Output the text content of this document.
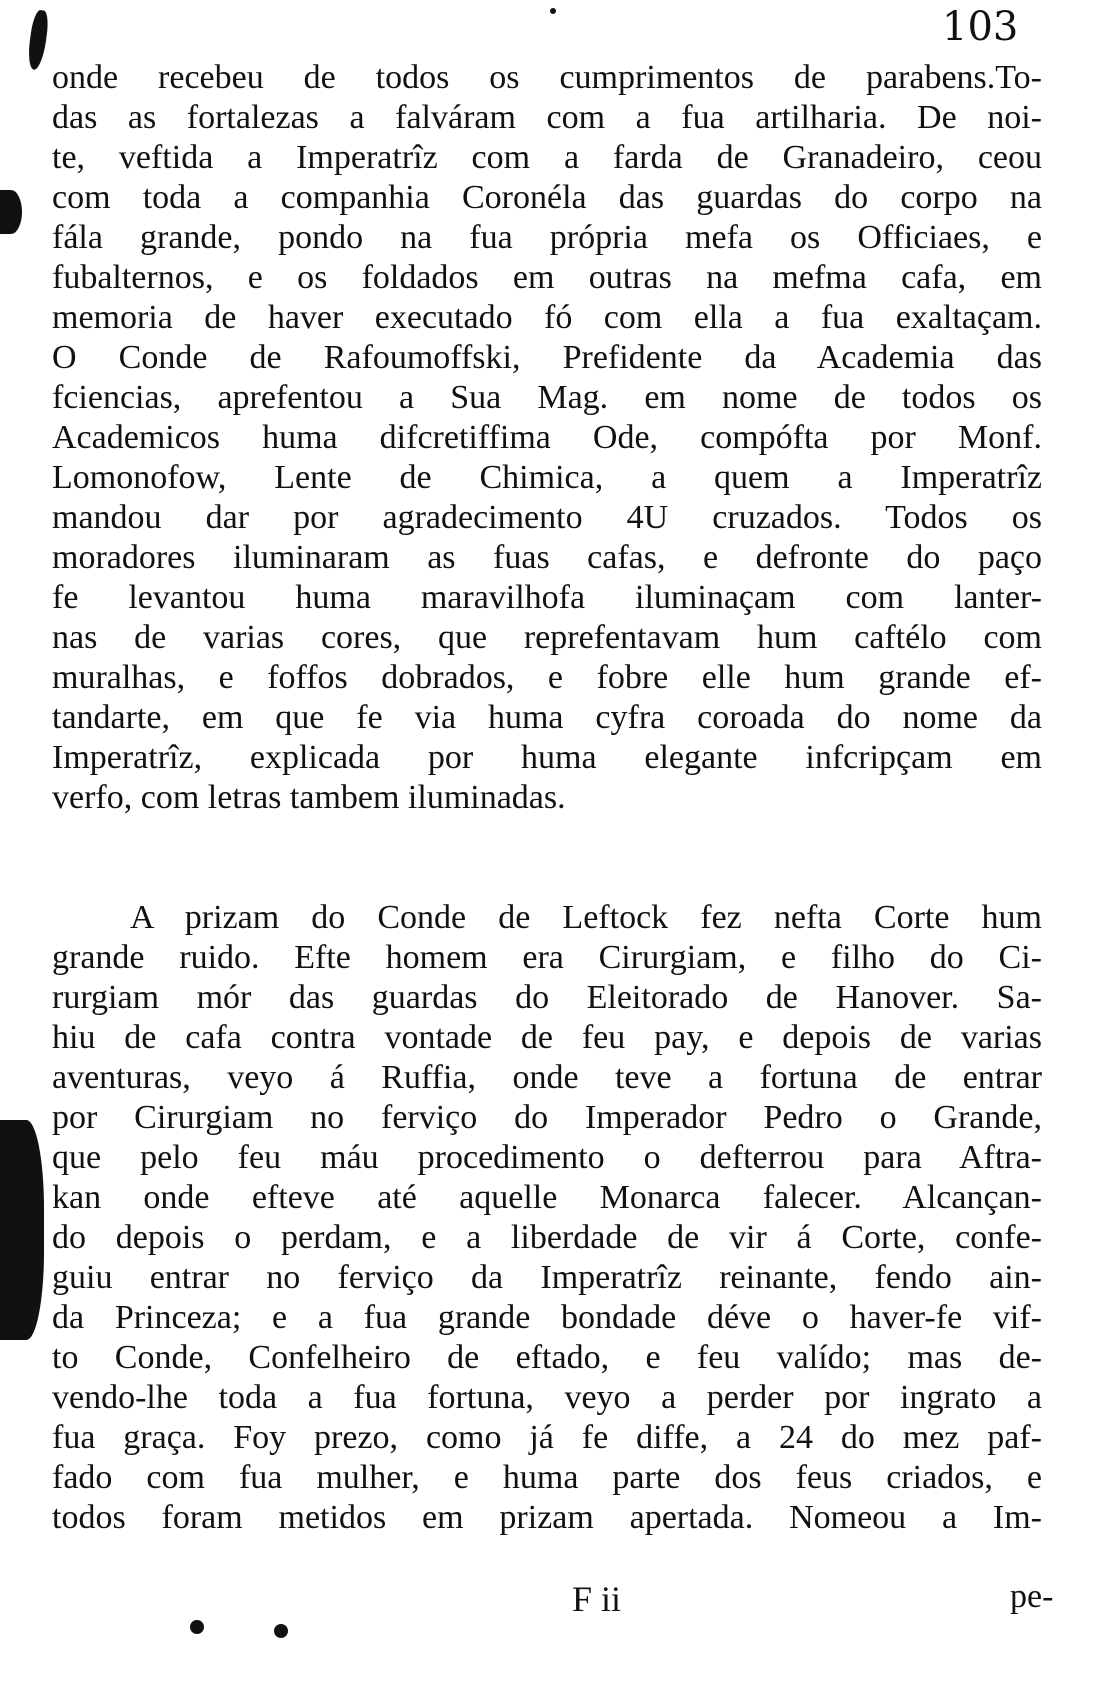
103
onde recebeu de todos os cumprimentos de parabens.To-
das as fortalezas a falváram com a fua artilharia. De noi-
te, veftida a Imperatrîz com a farda de Granadeiro, ceou
com toda a companhia Coronéla das guardas do corpo na
fála grande, pondo na fua própria mefa os Officiaes, e
fubalternos, e os foldados em outras na mefma cafa, em
memoria de haver executado fó com ella a fua exaltaçam.
O Conde de Rafoumoffski, Prefidente da Academia das
fciencias, aprefentou a Sua Mag. em nome de todos os
Academicos huma difcretiffima Ode, compófta por Monf.
Lomonofow, Lente de Chimica, a quem a Imperatrîz
mandou dar por agradecimento 4U cruzados. Todos os
moradores iluminaram as fuas cafas, e defronte do paço
fe levantou huma maravilhofa iluminaçam com lanter-
nas de varias cores, que reprefentavam hum caftélo com
muralhas, e foffos dobrados, e fobre elle hum grande ef-
tandarte, em que fe via huma cyfra coroada do nome da
Imperatrîz, explicada por huma elegante infcripçam em
verfo, com letras tambem iluminadas.
A prizam do Conde de Leftock fez nefta Corte hum
grande ruido. Efte homem era Cirurgiam, e filho do Ci-
rurgiam mór das guardas do Eleitorado de Hanover. Sa-
hiu de cafa contra vontade de feu pay, e depois de varias
aventuras, veyo á Ruffia, onde teve a fortuna de entrar
por Cirurgiam no ferviço do Imperador Pedro o Grande,
que pelo feu máu procedimento o defterrou para Aftra-
kan onde efteve até aquelle Monarca falecer. Alcançan-
do depois o perdam, e a liberdade de vir á Corte, confe-
guiu entrar no ferviço da Imperatrîz reinante, fendo ain-
da Princeza; e a fua grande bondade déve o haver-fe vif-
to Conde, Confelheiro de eftado, e feu valído; mas de-
vendo-lhe toda a fua fortuna, veyo a perder por ingrato a
fua graça. Foy prezo, como já fe diffe, a 24 do mez paf-
fado com fua mulher, e huma parte dos feus criados, e
todos foram metidos em prizam apertada. Nomeou a Im-
F ii	pe-
